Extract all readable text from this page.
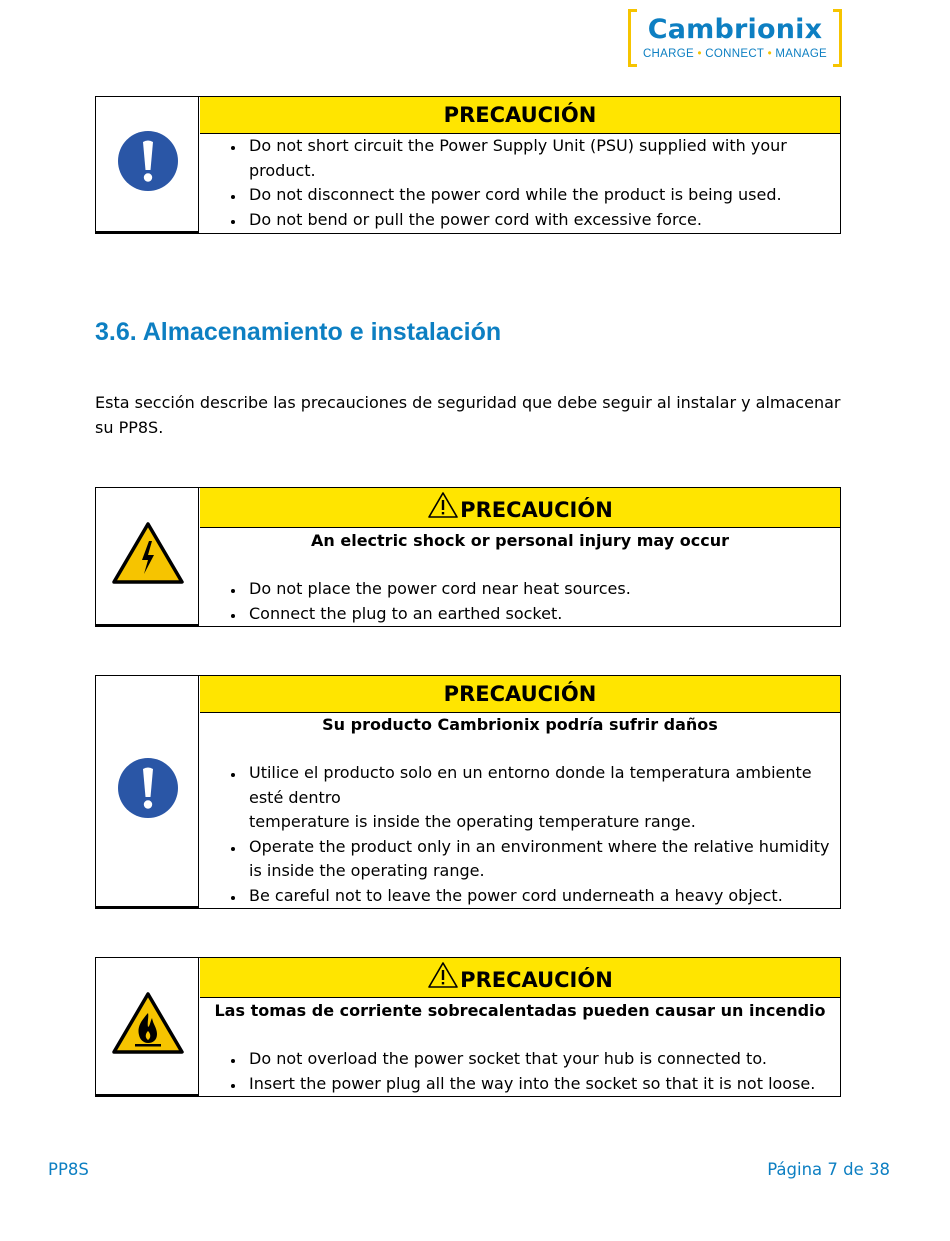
Cambrionix
CHARGE • CONNECT • MANAGE
PRECAUCIÓN
• Do not short circuit the Power Supply Unit (PSU) supplied with your product.
• Do not disconnect the power cord while the product is being used.
• Do not bend or pull the power cord with excessive force.
3.6. Almacenamiento e instalación

Esta sección describe las precauciones de seguridad que debe seguir al instalar y almacenar su PP8S.

PRECAUCIÓN
An electric shock or personal injury may occur
• Do not place the power cord near heat sources.
• Connect the plug to an earthed socket.
PRECAUCIÓN
Su producto Cambrionix podría sufrir daños
• Utilice el producto solo en un entorno donde la temperatura ambiente esté dentro
temperature is inside the operating temperature range.
• Operate the product only in an environment where the relative humidity is inside the operating range.
• Be careful not to leave the power cord underneath a heavy object.
PRECAUCIÓN
Las tomas de corriente sobrecalentadas pueden causar un incendio
• Do not overload the power socket that your hub is connected to.
• Insert the power plug all the way into the socket so that it is not loose.
PP8S	Página 7 de 38
